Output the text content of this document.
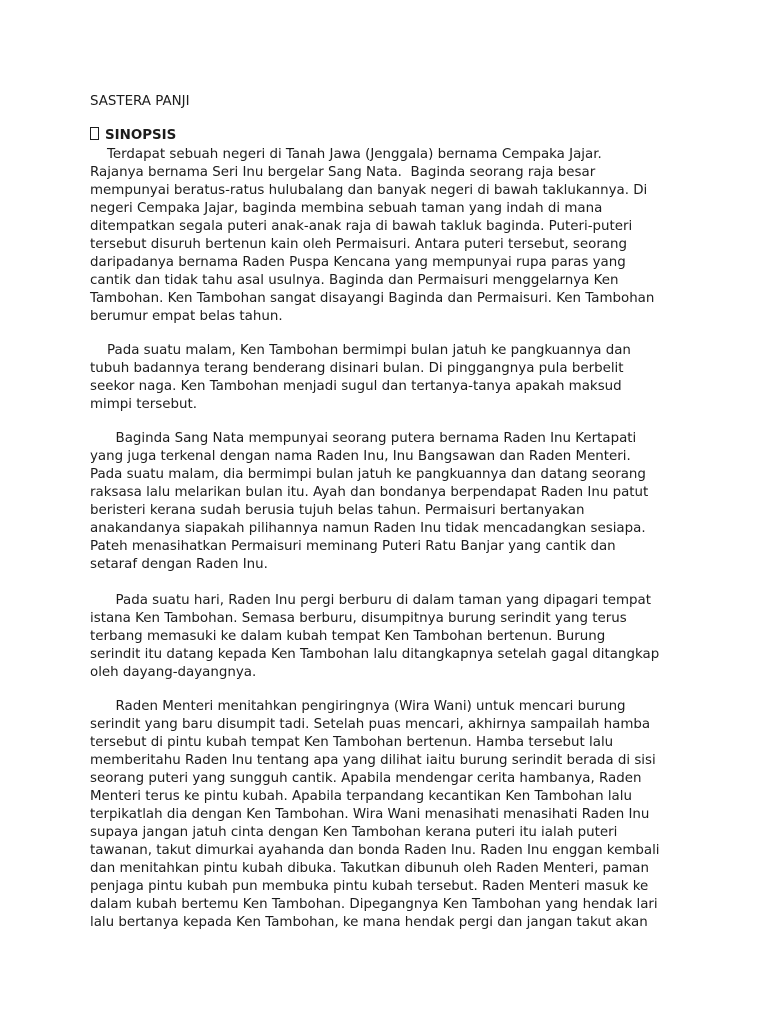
SASTERA PANJI
SINOPSIS
Terdapat sebuah negeri di Tanah Jawa (Jenggala) bernama Cempaka Jajar.
Rajanya bernama Seri Inu bergelar Sang Nata.  Baginda seorang raja besar
mempunyai beratus-ratus hulubalang dan banyak negeri di bawah taklukannya. Di
negeri Cempaka Jajar, baginda membina sebuah taman yang indah di mana
ditempatkan segala puteri anak-anak raja di bawah takluk baginda. Puteri-puteri
tersebut disuruh bertenun kain oleh Permaisuri. Antara puteri tersebut, seorang
daripadanya bernama Raden Puspa Kencana yang mempunyai rupa paras yang
cantik dan tidak tahu asal usulnya. Baginda dan Permaisuri menggelarnya Ken
Tambohan. Ken Tambohan sangat disayangi Baginda dan Permaisuri. Ken Tambohan
berumur empat belas tahun.
Pada suatu malam, Ken Tambohan bermimpi bulan jatuh ke pangkuannya dan
tubuh badannya terang benderang disinari bulan. Di pinggangnya pula berbelit
seekor naga. Ken Tambohan menjadi sugul dan tertanya-tanya apakah maksud
mimpi tersebut.
Baginda Sang Nata mempunyai seorang putera bernama Raden Inu Kertapati
yang juga terkenal dengan nama Raden Inu, Inu Bangsawan dan Raden Menteri.
Pada suatu malam, dia bermimpi bulan jatuh ke pangkuannya dan datang seorang
raksasa lalu melarikan bulan itu. Ayah dan bondanya berpendapat Raden Inu patut
beristeri kerana sudah berusia tujuh belas tahun. Permaisuri bertanyakan
anakandanya siapakah pilihannya namun Raden Inu tidak mencadangkan sesiapa.
Pateh menasihatkan Permaisuri meminang Puteri Ratu Banjar yang cantik dan
setaraf dengan Raden Inu.
Pada suatu hari, Raden Inu pergi berburu di dalam taman yang dipagari tempat
istana Ken Tambohan. Semasa berburu, disumpitnya burung serindit yang terus
terbang memasuki ke dalam kubah tempat Ken Tambohan bertenun. Burung
serindit itu datang kepada Ken Tambohan lalu ditangkapnya setelah gagal ditangkap
oleh dayang-dayangnya.
Raden Menteri menitahkan pengiringnya (Wira Wani) untuk mencari burung
serindit yang baru disumpit tadi. Setelah puas mencari, akhirnya sampailah hamba
tersebut di pintu kubah tempat Ken Tambohan bertenun. Hamba tersebut lalu
memberitahu Raden Inu tentang apa yang dilihat iaitu burung serindit berada di sisi
seorang puteri yang sungguh cantik. Apabila mendengar cerita hambanya, Raden
Menteri terus ke pintu kubah. Apabila terpandang kecantikan Ken Tambohan lalu
terpikatlah dia dengan Ken Tambohan. Wira Wani menasihati menasihati Raden Inu
supaya jangan jatuh cinta dengan Ken Tambohan kerana puteri itu ialah puteri
tawanan, takut dimurkai ayahanda dan bonda Raden Inu. Raden Inu enggan kembali
dan menitahkan pintu kubah dibuka. Takutkan dibunuh oleh Raden Menteri, paman
penjaga pintu kubah pun membuka pintu kubah tersebut. Raden Menteri masuk ke
dalam kubah bertemu Ken Tambohan. Dipegangnya Ken Tambohan yang hendak lari
lalu bertanya kepada Ken Tambohan, ke mana hendak pergi dan jangan takut akan
